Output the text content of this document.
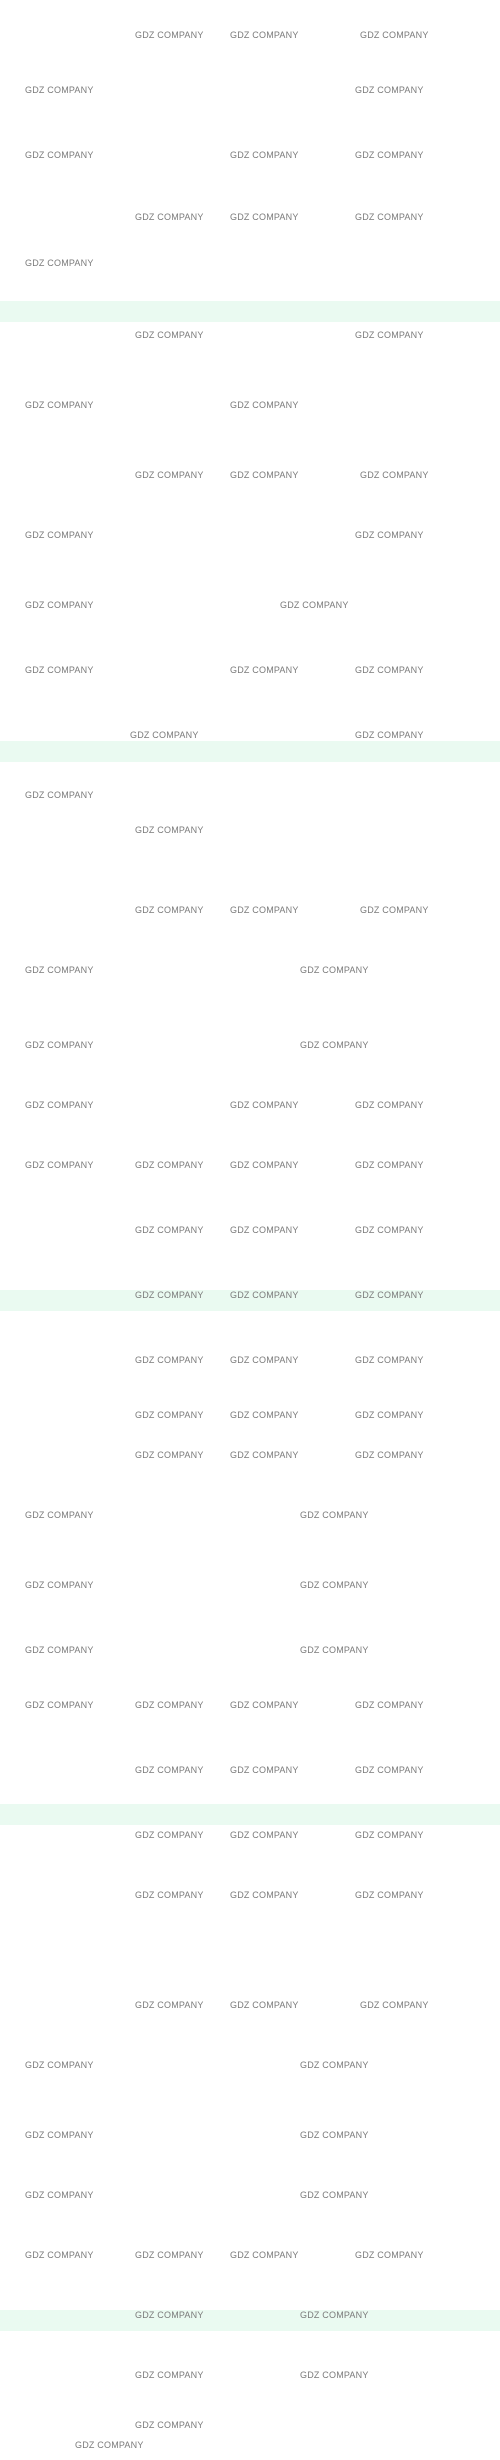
GDZ COMPANY	GDZ COMPANY	GDZ COMPANY
GDZ COMPANY	GDZ COMPANY
GDZ COMPANY	GDZ COMPANY	GDZ COMPANY
GDZ COMPANY	GDZ COMPANY	GDZ COMPANY
GDZ COMPANY
GDZ COMPANY	GDZ COMPANY
GDZ COMPANY	GDZ COMPANY
GDZ COMPANY	GDZ COMPANY	GDZ COMPANY
GDZ COMPANY	GDZ COMPANY
GDZ COMPANY	GDZ COMPANY
GDZ COMPANY	GDZ COMPANY	GDZ COMPANY
GDZ COMPANY	GDZ COMPANY
GDZ COMPANY
GDZ COMPANY
GDZ COMPANY	GDZ COMPANY	GDZ COMPANY
GDZ COMPANY	GDZ COMPANY
GDZ COMPANY	GDZ COMPANY
GDZ COMPANY	GDZ COMPANY	GDZ COMPANY
GDZ COMPANY	GDZ COMPANY	GDZ COMPANY	GDZ COMPANY
GDZ COMPANY	GDZ COMPANY	GDZ COMPANY
GDZ COMPANY	GDZ COMPANY	GDZ COMPANY
GDZ COMPANY	GDZ COMPANY	GDZ COMPANY
GDZ COMPANY	GDZ COMPANY	GDZ COMPANY
GDZ COMPANY	GDZ COMPANY	GDZ COMPANY
GDZ COMPANY	GDZ COMPANY
GDZ COMPANY	GDZ COMPANY
GDZ COMPANY	GDZ COMPANY
GDZ COMPANY	GDZ COMPANY	GDZ COMPANY	GDZ COMPANY
GDZ COMPANY	GDZ COMPANY	GDZ COMPANY
GDZ COMPANY	GDZ COMPANY	GDZ COMPANY
GDZ COMPANY	GDZ COMPANY	GDZ COMPANY
GDZ COMPANY	GDZ COMPANY	GDZ COMPANY
GDZ COMPANY	GDZ COMPANY
GDZ COMPANY	GDZ COMPANY
GDZ COMPANY	GDZ COMPANY
GDZ COMPANY	GDZ COMPANY	GDZ COMPANY	GDZ COMPANY
GDZ COMPANY	GDZ COMPANY
GDZ COMPANY	GDZ COMPANY
GDZ COMPANY
GDZ COMPANY
